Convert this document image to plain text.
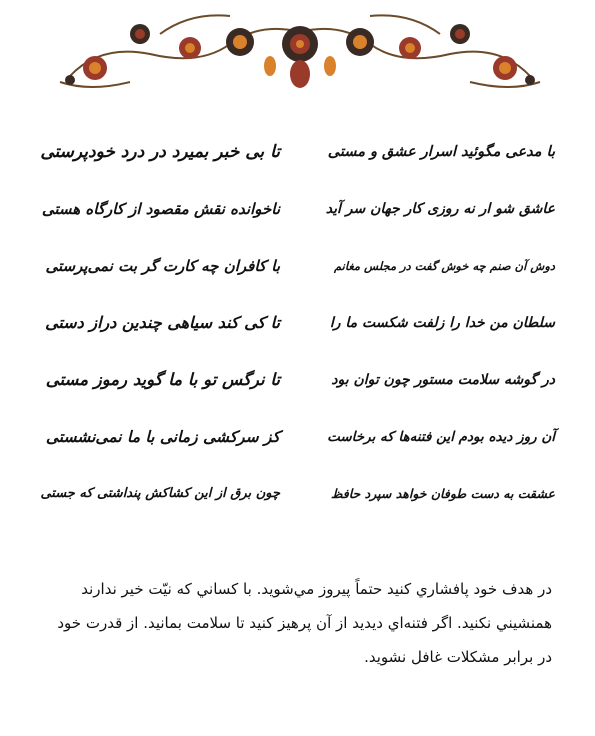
با مدعی مگوئید اسرار عشق و مستی
عاشق شو ار نه روزی کار جهان سر آید
دوش آن صنم چه خوش گفت در مجلس مغانم
سلطان من خدا را زلفت شکست ما را
در گوشه سلامت مستور چون توان بود
آن روز دیده بودم این فتنه‌ها که برخاست
عشقت به دست طوفان خواهد سپرد حافظ
تا بی خبر بمیرد در درد خودپرستی
ناخوانده نقش مقصود از کارگاه هستی
با کافران چه کارت گر بت نمی‌پرستی
تا کی کند سیاهی چندین دراز دستی
تا نرگس تو با ما گوید رموز مستی
کز سرکشی زمانی با ما نمی‌نشستی
چون برق از این کشاکش پنداشتی که جستی
در هدف خود پافشاري كنيد حتماً پيروز مي‌شويد. با كساني كه نيّت خير ندارند همنشيني نكنيد. اگر فتنه‌اي ديديد از آن پرهيز كنيد تا سلامت بمانيد. از قدرت خود در برابر مشكلات غافل نشويد.
